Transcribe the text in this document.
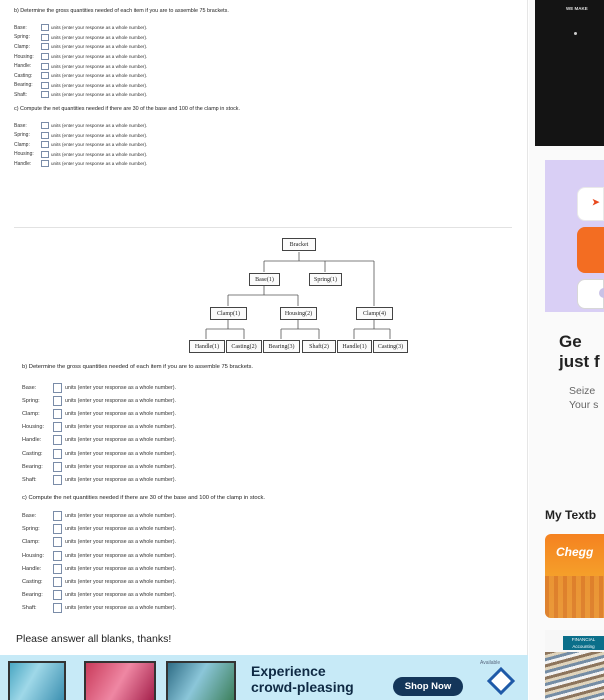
b) Determine the gross quantities needed of each item if you are to assemble 75 brackets.
Base:	units (enter your response as a whole number).
Spring:	units (enter your response as a whole number).
Clamp:	units (enter your response as a whole number).
Housing:	units (enter your response as a whole number).
Handle:	units (enter your response as a whole number).
Casting:	units (enter your response as a whole number).
Bearing:	units (enter your response as a whole number).
Shaft:	units (enter your response as a whole number).
c) Compute the net quantities needed if there are 30 of the base and 100 of the clamp in stock.
Base:	units (enter your response as a whole number).
Spring:	units (enter your response as a whole number).
Clamp:	units (enter your response as a whole number).
Housing:	units (enter your response as a whole number).
Handle:	units (enter your response as a whole number).
Bracket
Base(1)	Spring(1)
Clamp(1)	Housing(2)	Clamp(4)
Handle(1)	Casting(2)	Bearing(3)	Shaft(2)	Handle(1)	Casting(3)
b) Determine the gross quantities needed of each item if you are to assemble 75 brackets.
Base:	units (enter your response as a whole number).
Spring:	units (enter your response as a whole number).
Clamp:	units (enter your response as a whole number).
Housing:	units (enter your response as a whole number).
Handle:	units (enter your response as a whole number).
Casting:	units (enter your response as a whole number).
Bearing:	units (enter your response as a whole number).
Shaft:	units (enter your response as a whole number).
c) Compute the net quantities needed if there are 30 of the base and 100 of the clamp in stock.
Base:	units (enter your response as a whole number).
Spring:	units (enter your response as a whole number).
Clamp:	units (enter your response as a whole number).
Housing:	units (enter your response as a whole number).
Handle:	units (enter your response as a whole number).
Casting:	units (enter your response as a whole number).
Bearing:	units (enter your response as a whole number).
Shaft:	units (enter your response as a whole number).
Please answer all blanks, thanks!
Experience
crowd-pleasing	Shop Now
Available
WE MAKE
➤
Ge
just f
Seize
Your s
My Textb
Chegg
FINANCIAL Accounting
